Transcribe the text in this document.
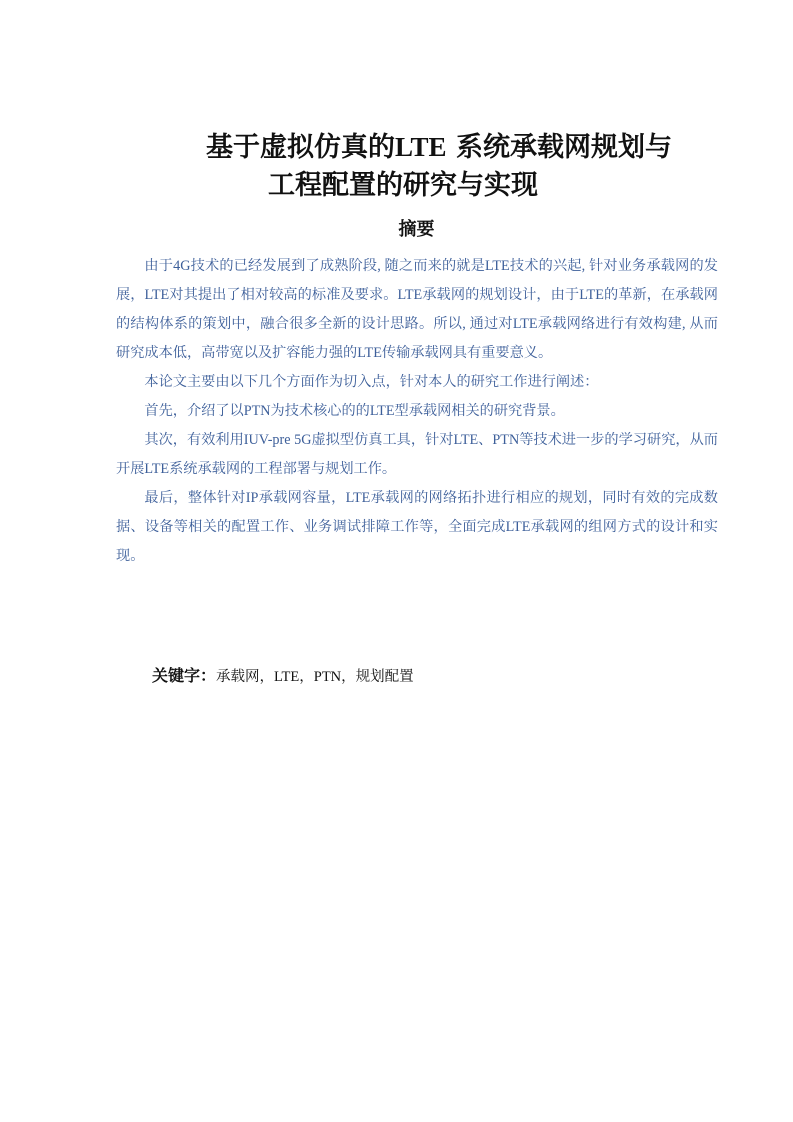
基于虚拟仿真的LTE 系统承载网规划与
工程配置的研究与实现
摘要

由于4G技术的已经发展到了成熟阶段, 随之而来的就是LTE技术的兴起, 针对业务承载网的发展，LTE对其提出了相对较高的标准及要求。LTE承载网的规划设计，由于LTE的革新，在承载网的结构体系的策划中，融合很多全新的设计思路。所以, 通过对LTE承载网络进行有效构建, 从而研究成本低，高带宽以及扩容能力强的LTE传输承载网具有重要意义。

本论文主要由以下几个方面作为切入点，针对本人的研究工作进行阐述：

首先，介绍了以PTN为技术核心的的LTE型承载网相关的研究背景。

其次，有效利用IUV-pre 5G虚拟型仿真工具，针对LTE、PTN等技术进一步的学习研究，从而开展LTE系统承载网的工程部署与规划工作。

最后，整体针对IP承载网容量，LTE承载网的网络拓扑进行相应的规划，同时有效的完成数据、设备等相关的配置工作、业务调试排障工作等，全面完成LTE承载网的组网方式的设计和实现。

关键字：承载网，LTE，PTN，规划配置
